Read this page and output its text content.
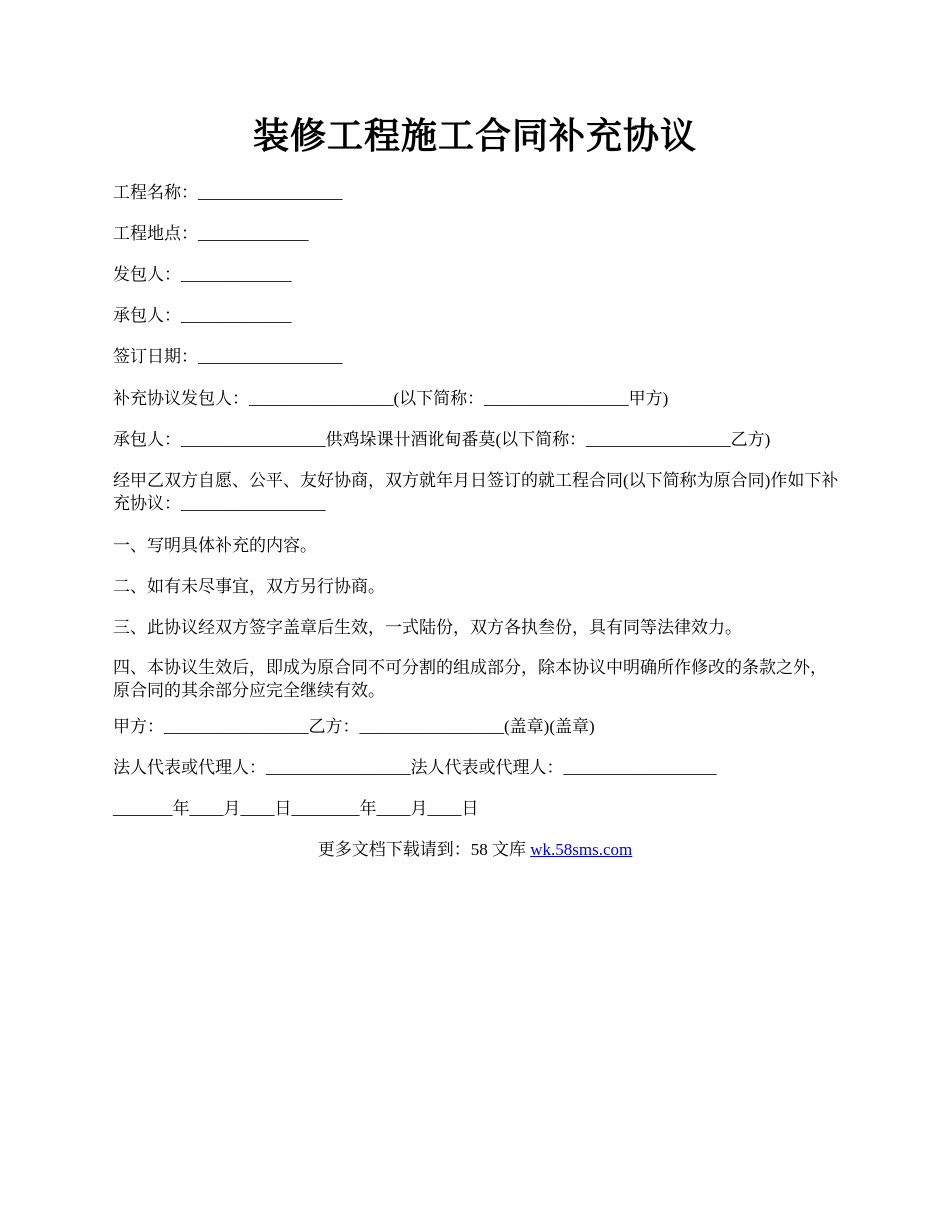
装修工程施工合同补充协议
工程名称：_________________
工程地点：_____________
发包人：_____________
承包人：_____________
签订日期：_________________
补充协议发包人：_________________(以下简称：_________________甲方)
承包人：_________________供鸡垛课卄酒讹甸番莫(以下简称：_________________乙方)
经甲乙双方自愿、公平、友好协商，双方就年月日签订的就工程合同(以下简称为原合同)作如下补充协议：_________________
一、写明具体补充的内容。
二、如有未尽事宜，双方另行协商。
三、此协议经双方签字盖章后生效，一式陆份，双方各执叁份，具有同等法律效力。
四、本协议生效后，即成为原合同不可分割的组成部分，除本协议中明确所作修改的条款之外，原合同的其余部分应完全继续有效。
甲方：_________________乙方：_________________(盖章)(盖章)
法人代表或代理人：_________________法人代表或代理人：__________________
_______年____月____日________年____月____日
更多文档下载请到：58 文库 wk.58sms.com
